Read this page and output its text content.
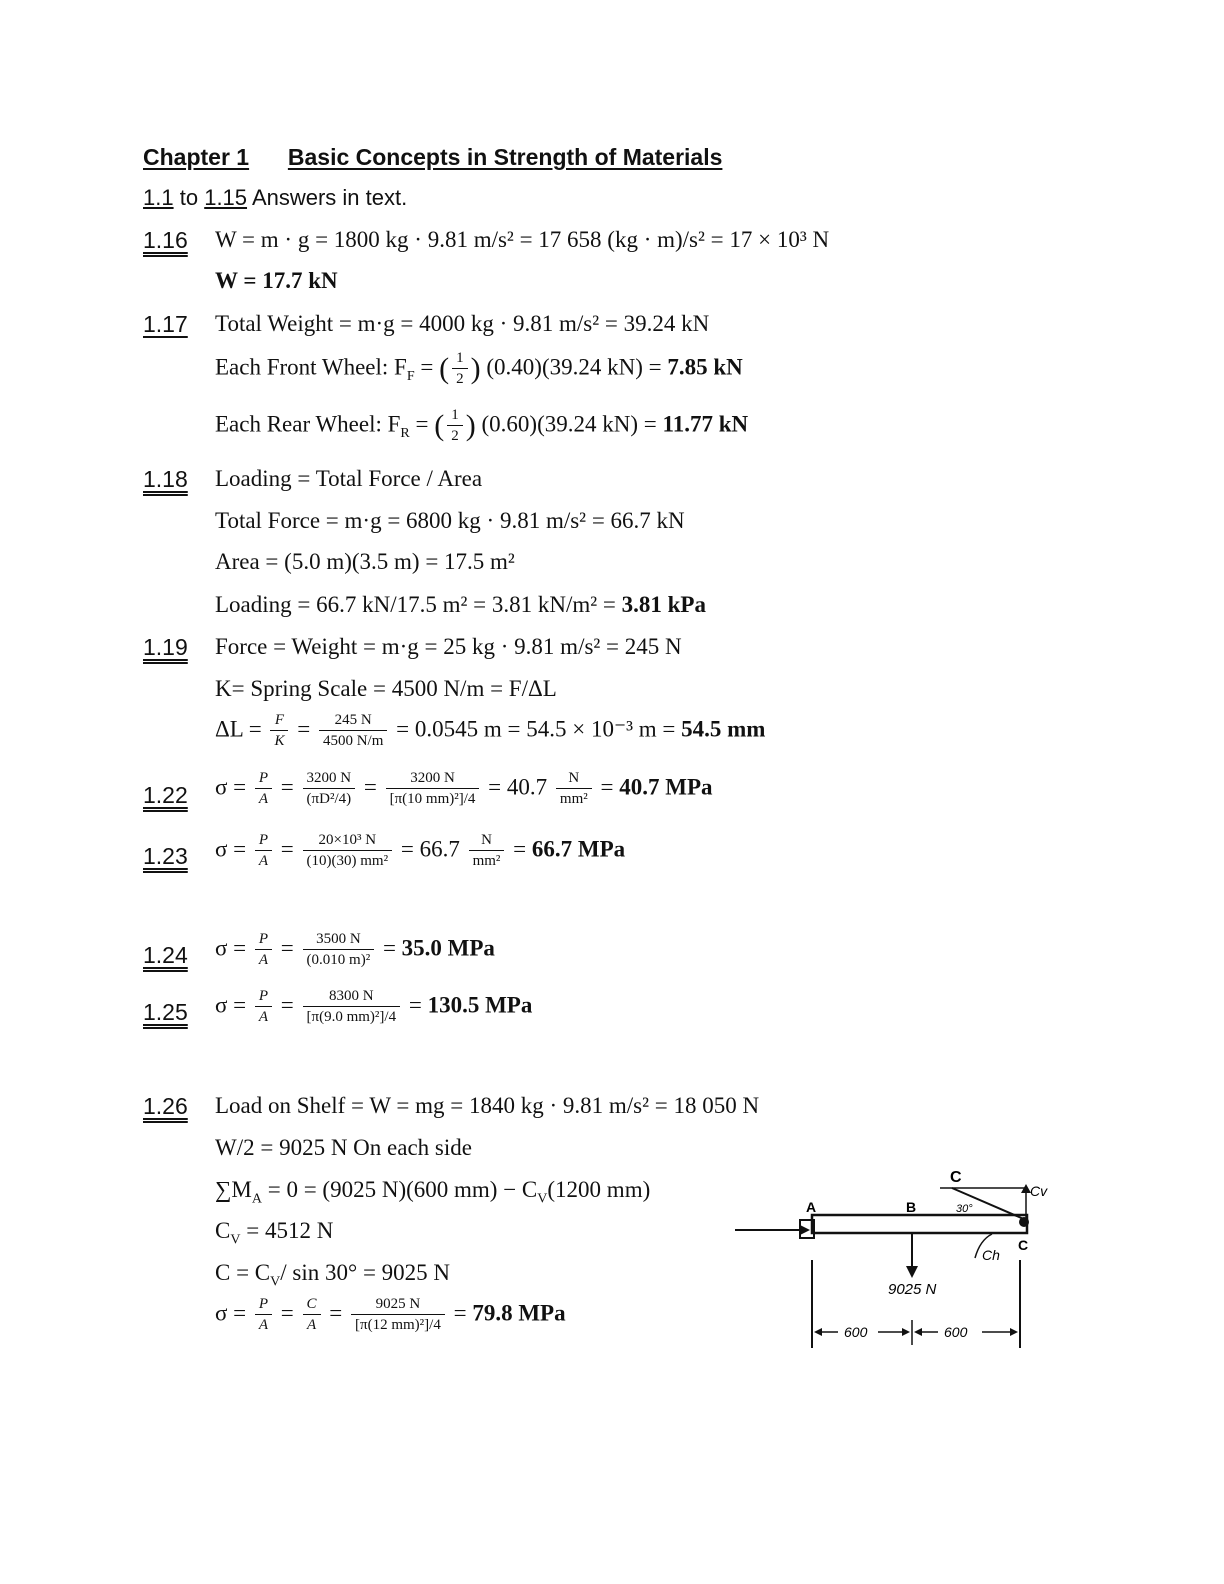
Chapter 1 Basic Concepts in Strength of Materials
1.1 to 1.15 Answers in text.
1.16 W = m · g = 1800 kg · 9.81 m/s² = 17 658 (kg · m)/s² = 17 × 10³ N
W = 17.7 kN
1.17 Total Weight = m·g = 4000 kg · 9.81 m/s² = 39.24 kN
Each Front Wheel: $F_F$ = ( $\frac{1}{2}$ ) (0.40)(39.24 kN) = 7.85 kN
Each Rear Wheel: $F_R$ = ( $\frac{1}{2}$ ) (0.60)(39.24 kN) = 11.77 kN
1.18 Loading = Total Force / Area
Total Force = m·g = 6800 kg · 9.81 m/s² = 66.7 kN
Area = (5.0 m)(3.5 m) = 17.5 m²
Loading = 66.7 kN/17.5 m² = 3.81 kN/m² = 3.81 kPa
1.19 Force = Weight = m·g = 25 kg · 9.81 m/s² = 245 N
K= Spring Scale = 4500 N/m = F/ΔL
$\Delta L = \frac{F}{K} = \frac{245 N}{4500 N/m} = 0.0545$ m = 54.5 × 10⁻³ m = 54.5 mm
1.22 $\sigma = \frac{P}{A} = \frac{3200 N}{\text{(πD²/4)}} = \frac{3200 N}{\text{[π(10 mm)²]/4}} = 40.7 \frac{N}{\text{mm²}} = 40.7$ MPa
1.23 $\sigma = \frac{P}{A} = \frac{\text{20×10³ N}}{\text{(10)(30) mm²}} = 66.7 \frac{N}{\text{mm²}} = 66.7$ MPa
1.24 $\sigma = \frac{P}{A} = \frac{3500 N}{\text{(0.010 m)²}} = 35.0$ MPa
1.25 $\sigma = \frac{P}{A} = \frac{8300 N}{\text{[π(9.0 mm)²]/4}} = 130.5$ MPa
1.26 Load on Shelf = W = mg = 1840 kg · 9.81 m/s² = 18 050 N
W/2 = 9025 N On each side
$\sum M_A = 0 = (9025$ N)(600 $mm) - C_V(1200$ mm)
$C_V = 4512$ N
$C = C_V/$ sin 30° = 9025 N
$\sigma = \frac{P}{A} = \frac{C}{A} = \frac{9025 N}{\text{[π(12 mm)²]/4}} = 79.8$ MPa
A	B
C
C
Cv
Ch
30°
9025 N
600	600
